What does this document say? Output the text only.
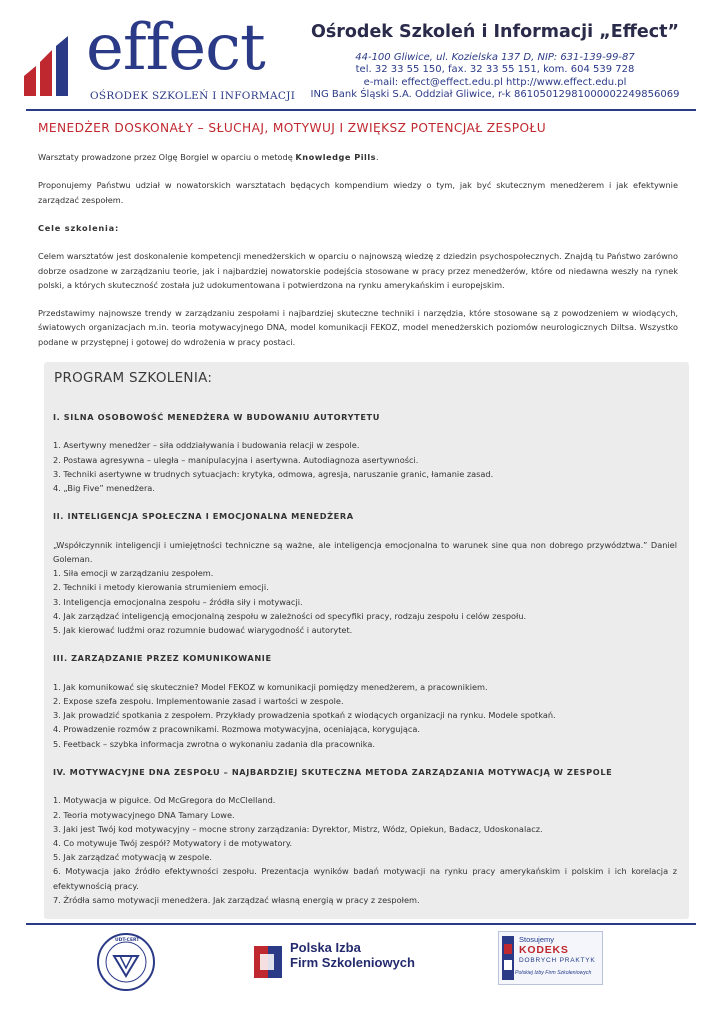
effect
OŚRODEK SZKOLEŃ I INFORMACJI
Ośrodek Szkoleń i Informacji „Effect”
44-100 Gliwice, ul. Kozielska 137 D, NIP: 631-139-99-87
tel. 32 33 55 150, fax. 32 33 55 151, kom. 604 539 728
e-mail: effect@effect.edu.pl http://www.effect.edu.pl
ING Bank Śląski S.A. Oddział Gliwice, r-k 86105012981000002249856069
MENEDŻER DOSKONAŁY – SŁUCHAJ, MOTYWUJ I ZWIĘKSZ POTENCJAŁ ZESPOŁU

Warsztaty prowadzone przez Olgę Borgiel w oparciu o metodę Knowledge Pills.

Proponujemy Państwu udział w nowatorskich warsztatach będących kompendium wiedzy o tym, jak być skutecznym menedżerem i jak efektywnie zarządzać zespołem.

Cele szkolenia:

Celem warsztatów jest doskonalenie kompetencji menedżerskich w oparciu o najnowszą wiedzę z dziedzin psychospołecznych. Znajdą tu Państwo zarówno dobrze osadzone w zarządzaniu teorie, jak i najbardziej nowatorskie podejścia stosowane w pracy przez menedżerów, które od niedawna weszły na rynek polski, a których skuteczność została już udokumentowana i potwierdzona na rynku amerykańskim i europejskim.

Przedstawimy najnowsze trendy w zarządzaniu zespołami i najbardziej skuteczne techniki i narzędzia, które stosowane są z powodzeniem w wiodących, światowych organizacjach m.in. teoria motywacyjnego DNA, model komunikacji FEKOZ, model menedżerskich poziomów neurologicznych Diltsa. Wszystko podane w przystępnej i gotowej do wdrożenia w pracy postaci.

PROGRAM SZKOLENIA:
I. SILNA OSOBOWOŚĆ MENEDŻERA W BUDOWANIU AUTORYTETU

1. Asertywny menedżer – siła oddziaływania i budowania relacji w zespole.

2. Postawa agresywna – uległa – manipulacyjna i asertywna. Autodiagnoza asertywności.

3. Techniki asertywne w trudnych sytuacjach: krytyka, odmowa, agresja, naruszanie granic, łamanie zasad.

4. „Big Five” menedżera.

II. INTELIGENCJA SPOŁECZNA I EMOCJONALNA MENEDŻERA

„Współczynnik inteligencji i umiejętności techniczne są ważne, ale inteligencja emocjonalna to warunek sine qua non dobrego przywództwa.” Daniel Goleman.

1. Siła emocji w zarządzaniu zespołem.

2. Techniki i metody kierowania strumieniem emocji.

3. Inteligencja emocjonalna zespołu – źródła siły i motywacji.

4. Jak zarządzać inteligencją emocjonalną zespołu w zależności od specyfiki pracy, rodzaju zespołu i celów zespołu.

5. Jak kierować ludźmi oraz rozumnie budować wiarygodność i autorytet.

III. ZARZĄDZANIE PRZEZ KOMUNIKOWANIE

1. Jak komunikować się skutecznie? Model FEKOZ w komunikacji pomiędzy menedżerem, a pracownikiem.

2. Expose szefa zespołu. Implementowanie zasad i wartości w zespole.

3. Jak prowadzić spotkania z zespołem. Przykłady prowadzenia spotkań z wiodących organizacji na rynku. Modele spotkań.

4. Prowadzenie rozmów z pracownikami. Rozmowa motywacyjna, oceniająca, korygująca.

5. Feetback – szybka informacja zwrotna o wykonaniu zadania dla pracownika.

IV. MOTYWACYJNE DNA ZESPOŁU – NAJBARDZIEJ SKUTECZNA METODA ZARZĄDZANIA MOTYWACJĄ W ZESPOLE

1. Motywacja w pigułce. Od McGregora do McClelland.

2. Teoria motywacyjnego DNA Tamary Lowe.

3. Jaki jest Twój kod motywacyjny – mocne strony zarządzania: Dyrektor, Mistrz, Wódz, Opiekun, Badacz, Udoskonalacz.

4. Co motywuje Twój zespół? Motywatory i de motywatory.

5. Jak zarządzać motywacją w zespole.

6. Motywacja jako źródło efektywności zespołu. Prezentacja wyników badań motywacji na rynku pracy amerykańskim i polskim i ich korelacja z efektywnością pracy.

7. Źródła samo motywacji menedżera. Jak zarządzać własną energią w pracy z zespołem.

UDT-CERT	Polska Izba
Firm Szkoleniowych
Stosujemy
KODEKS
DOBRYCH PRAKTYK
Polskiej Izby Firm Szkoleniowych
